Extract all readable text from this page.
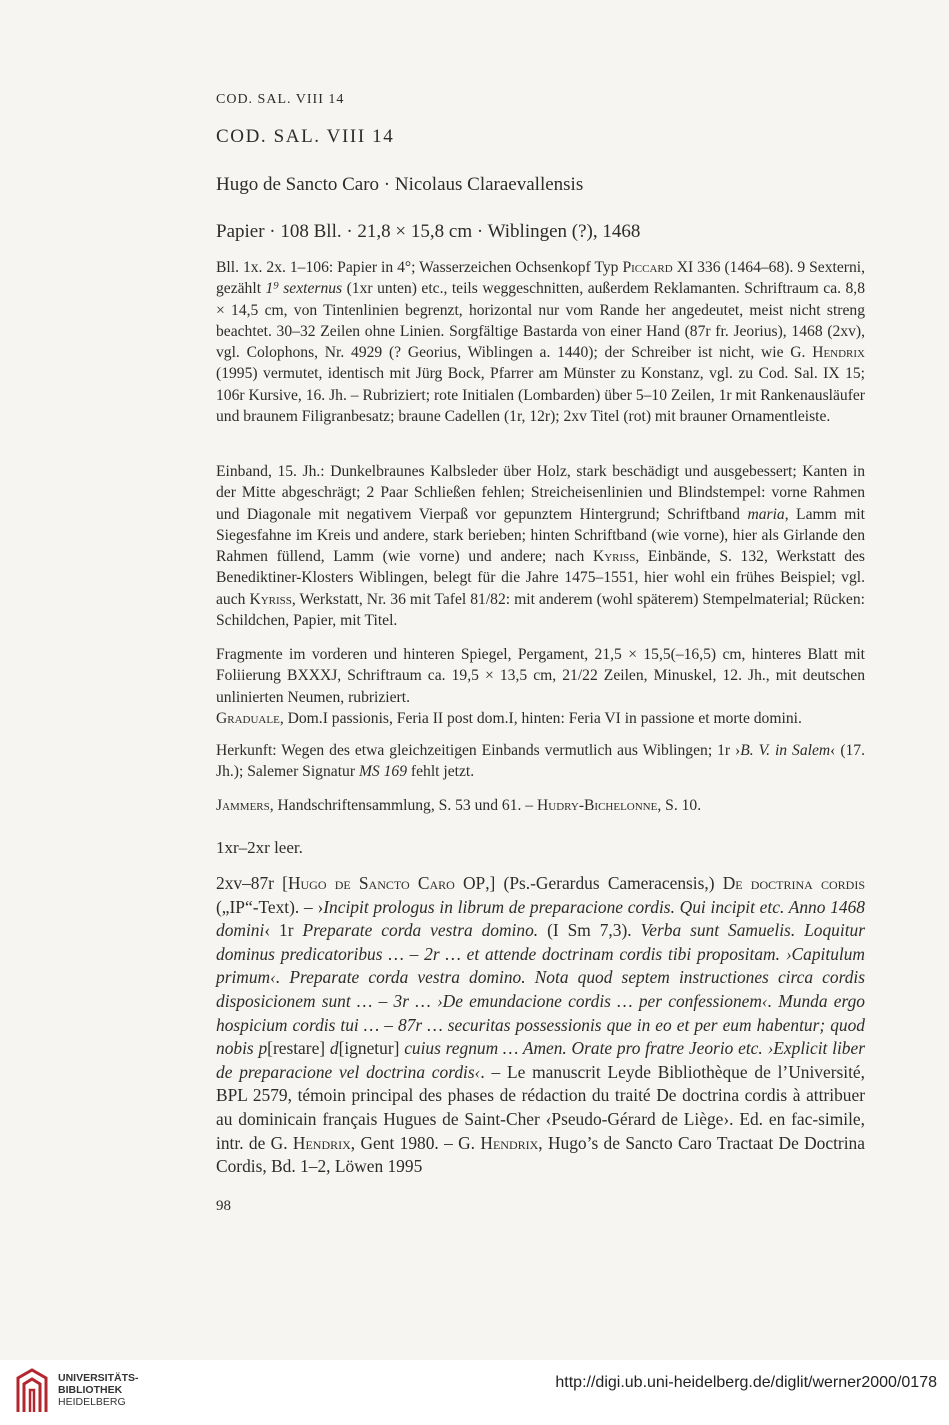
COD. SAL. VIII 14
COD. SAL. VIII 14
Hugo de Sancto Caro · Nicolaus Claraevallensis
Papier · 108 Bll. · 21,8 × 15,8 cm · Wiblingen (?), 1468

Bll. 1x. 2x. 1–106: Papier in 4°; Wasserzeichen Ochsenkopf Typ Piccard XI 336 (1464–68). 9 Sexterni, gezählt 1⁹ sexternus (1xr unten) etc., teils weggeschnitten, außerdem Reklamanten. Schriftraum ca. 8,8 × 14,5 cm, von Tintenlinien begrenzt, horizontal nur vom Rande her angedeutet, meist nicht streng beachtet. 30–32 Zeilen ohne Linien. Sorgfältige Bastarda von einer Hand (87r fr. Jeorius), 1468 (2xv), vgl. Colophons, Nr. 4929 (? Georius, Wiblingen a. 1440); der Schreiber ist nicht, wie G. Hendrix (1995) vermutet, identisch mit Jürg Bock, Pfarrer am Münster zu Konstanz, vgl. zu Cod. Sal. IX 15; 106r Kursive, 16. Jh. – Rubriziert; rote Initialen (Lombarden) über 5–10 Zeilen, 1r mit Rankenausläufer und braunem Filigranbesatz; braune Cadellen (1r, 12r); 2xv Titel (rot) mit brauner Ornamentleiste.

Einband, 15. Jh.: Dunkelbraunes Kalbsleder über Holz, stark beschädigt und ausgebessert; Kanten in der Mitte abgeschrägt; 2 Paar Schließen fehlen; Streicheisenlinien und Blindstempel: vorne Rahmen und Diagonale mit negativem Vierpaß vor gepunztem Hintergrund; Schriftband maria, Lamm mit Siegesfahne im Kreis und andere, stark berieben; hinten Schriftband (wie vorne), hier als Girlande den Rahmen füllend, Lamm (wie vorne) und andere; nach Kyriss, Einbände, S. 132, Werkstatt des Benediktiner-Klosters Wiblingen, belegt für die Jahre 1475–1551, hier wohl ein frühes Beispiel; vgl. auch Kyriss, Werkstatt, Nr. 36 mit Tafel 81/82: mit anderem (wohl späterem) Stempelmaterial; Rücken: Schildchen, Papier, mit Titel.

Fragmente im vorderen und hinteren Spiegel, Pergament, 21,5 × 15,5(–16,5) cm, hinteres Blatt mit Foliierung BXXXJ, Schriftraum ca. 19,5 × 13,5 cm, 21/22 Zeilen, Minuskel, 12. Jh., mit deutschen unlinierten Neumen, rubriziert.

Graduale, Dom.I passionis, Feria II post dom.I, hinten: Feria VI in passione et morte domini.

Herkunft: Wegen des etwa gleichzeitigen Einbands vermutlich aus Wiblingen; 1r ›B. V. in Salem‹ (17. Jh.); Salemer Signatur MS 169 fehlt jetzt.

Jammers, Handschriftensammlung, S. 53 und 61. – Hudry-Bichelonne, S. 10.

1xr–2xr leer.
2xv–87r [Hugo de Sancto Caro OP,] (Ps.-Gerardus Cameracensis,) De doctrina cordis („IP“-Text). – ›Incipit prologus in librum de preparacione cordis. Qui incipit etc. Anno 1468 domini‹ 1r Preparate corda vestra domino. (I Sm 7,3). Verba sunt Samuelis. Loquitur dominus predicatoribus … – 2r … et attende doctrinam cordis tibi propositam. ›Capitulum primum‹. Preparate corda vestra domino. Nota quod septem instructiones circa cordis disposicionem sunt … – 3r … ›De emundacione cordis … per confessionem‹. Munda ergo hospicium cordis tui … – 87r … securitas possessionis que in eo et per eum habentur; quod nobis p[restare] d[ignetur] cuius regnum … Amen. Orate pro fratre Jeorio etc. ›Explicit liber de preparacione vel doctrina cordis‹. – Le manuscrit Leyde Bibliothèque de l’Université, BPL 2579, témoin principal des phases de rédaction du traité De doctrina cordis à attribuer au dominicain français Hugues de Saint-Cher ‹Pseudo-Gérard de Liège›. Ed. en fac-simile, intr. de G. Hendrix, Gent 1980. – G. Hendrix, Hugo’s de Sancto Caro Tractaat De Doctrina Cordis, Bd. 1–2, Löwen 1995
98
UNIVERSITÄTS-
BIBLIOTHEK
HEIDELBERG
http://digi.ub.uni-heidelberg.de/diglit/werner2000/0178
